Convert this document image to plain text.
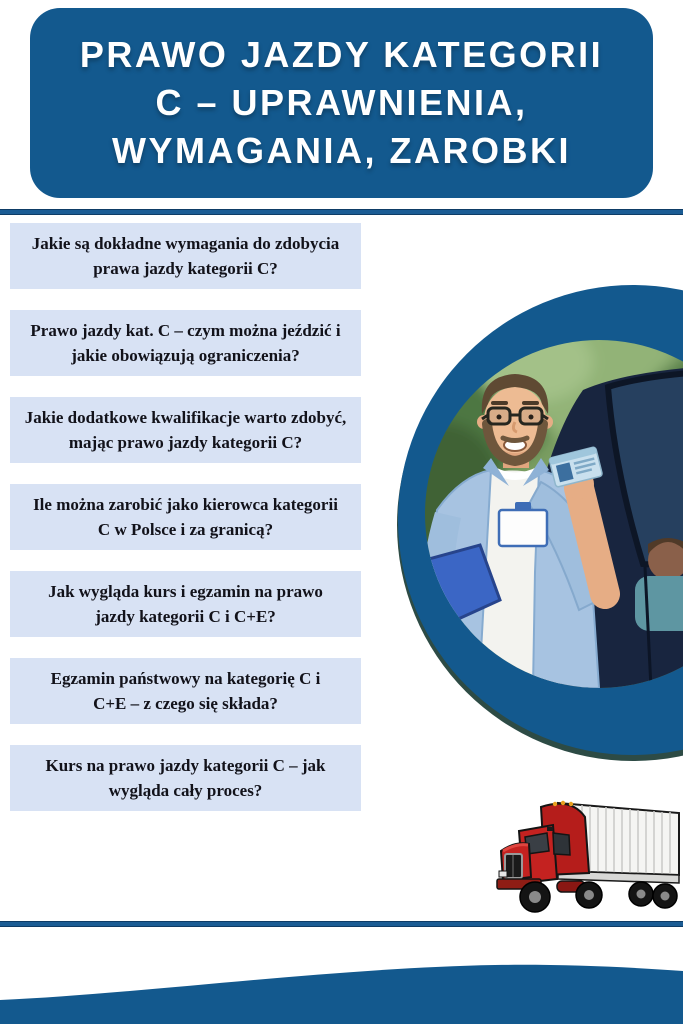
PRAWO JAZDY KATEGORII
C – UPRAWNIENIA,
WYMAGANIA, ZAROBKI
Jakie są dokładne wymagania do zdobycia
prawa jazdy kategorii C?
Prawo jazdy kat. C – czym można jeździć i
jakie obowiązują ograniczenia?
Jakie dodatkowe kwalifikacje warto zdobyć,
mając prawo jazdy kategorii C?
Ile można zarobić jako kierowca kategorii
C w Polsce i za granicą?
Jak wygląda kurs i egzamin na prawo
jazdy kategorii C i C+E?
Egzamin państwowy na kategorię C i
C+E – z czego się składa?
Kurs na prawo jazdy kategorii C – jak
wygląda cały proces?
